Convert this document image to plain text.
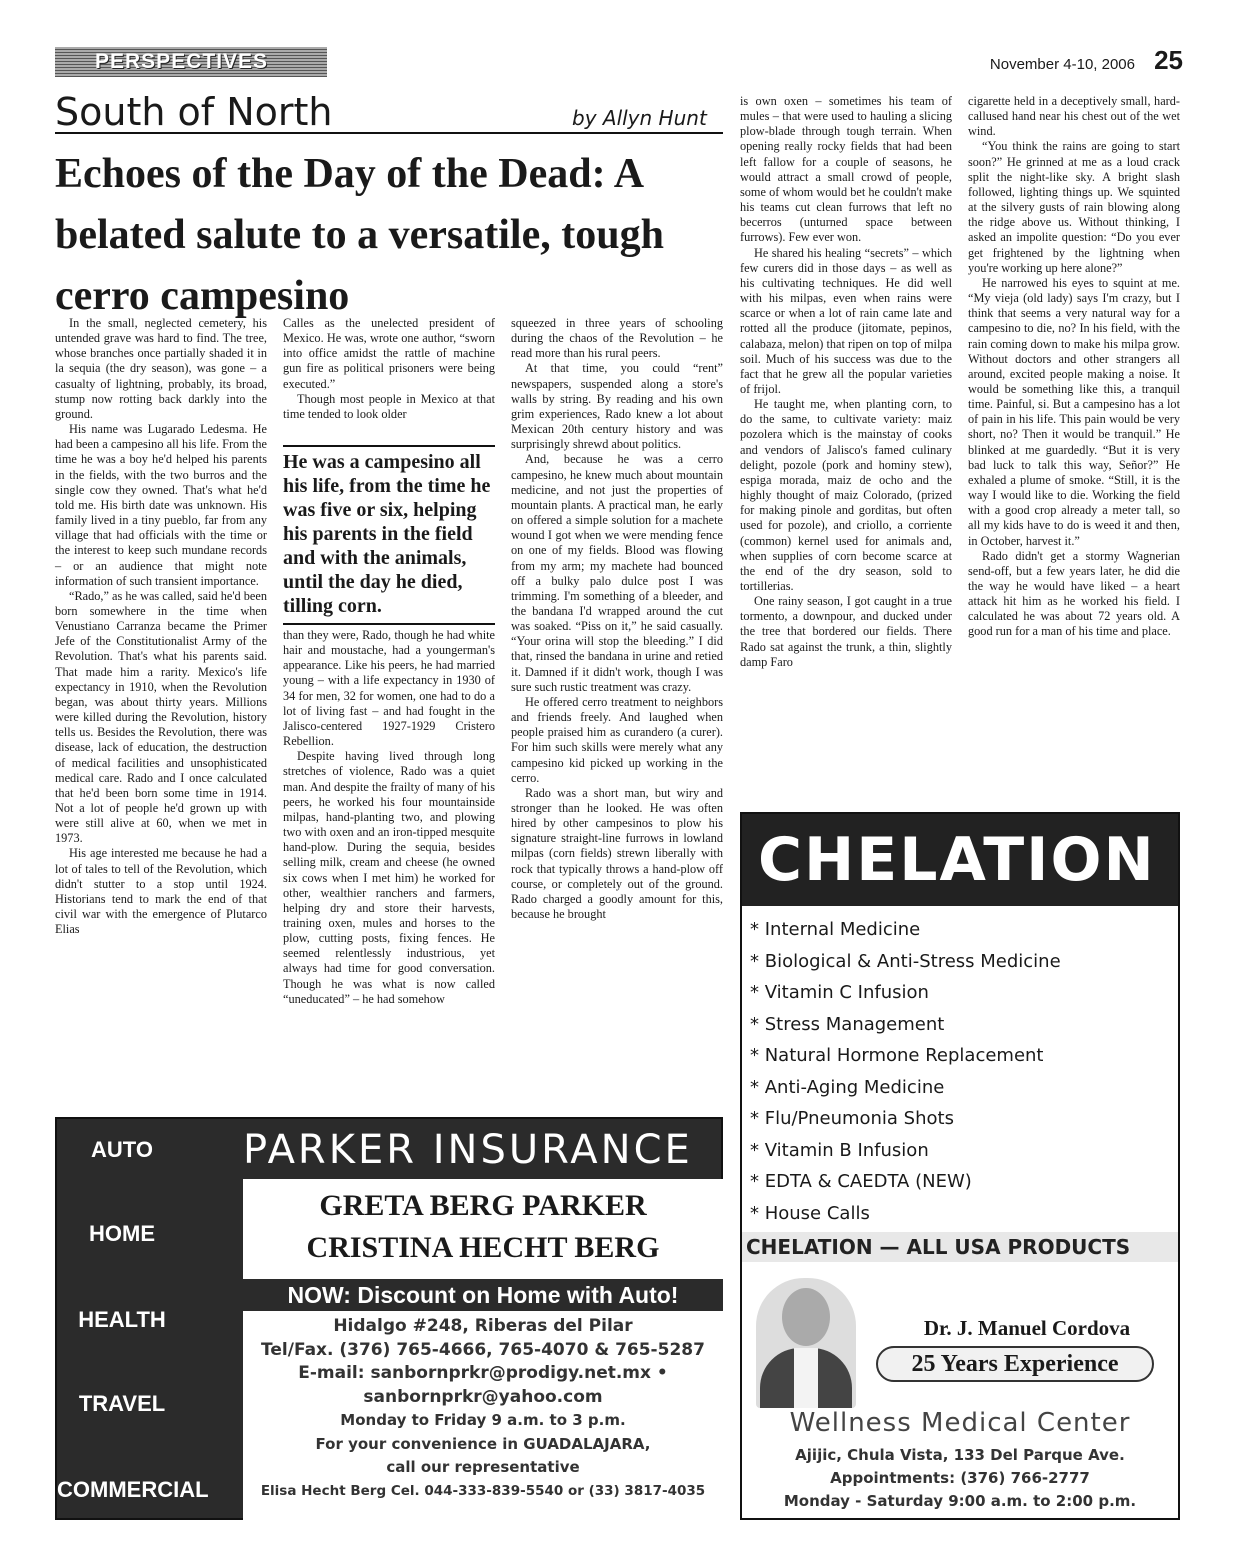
PERSPECTIVES	November 4-10, 2006 25
South of North	by Allyn Hunt
Echoes of the Day of the Dead: A belated salute to a versatile, tough cerro campesino

In the small, neglected cemetery, his untended grave was hard to find. The tree, whose branches once partially shaded it in la sequia (the dry season), was gone – a casualty of lightning, probably, its broad, stump now rotting back darkly into the ground.

His name was Lugarado Ledesma. He had been a campesino all his life. From the time he was a boy he'd helped his parents in the fields, with the two burros and the single cow they owned. That's what he'd told me. His birth date was unknown. His family lived in a tiny pueblo, far from any village that had officials with the time or the interest to keep such mundane records – or an audience that might note information of such transient importance.

“Rado,” as he was called, said he'd been born somewhere in the time when Venustiano Carranza became the Primer Jefe of the Constitutionalist Army of the Revolution. That's what his parents said. That made him a rarity. Mexico's life expectancy in 1910, when the Revolution began, was about thirty years. Millions were killed during the Revolution, history tells us. Besides the Revolution, there was disease, lack of education, the destruction of medical facilities and unsophisticated medical care. Rado and I once calculated that he'd been born some time in 1914. Not a lot of people he'd grown up with were still alive at 60, when we met in 1973.

His age interested me because he had a lot of tales to tell of the Revolution, which didn't stutter to a stop until 1924. Historians tend to mark the end of that civil war with the emergence of Plutarco Elias

Calles as the unelected president of Mexico. He was, wrote one author, “sworn into office amidst the rattle of machine gun fire as political prisoners were being executed.”

Though most people in Mexico at that time tended to look older

He was a campesino all his life, from the time he was five or six, helping his parents in the field and with the animals, until the day he died, tilling corn.

than they were, Rado, though he had white hair and moustache, had a youngerman's appearance. Like his peers, he had married young – with a life expectancy in 1930 of 34 for men, 32 for women, one had to do a lot of living fast – and had fought in the Jalisco-centered 1927-1929 Cristero Rebellion.

Despite having lived through long stretches of violence, Rado was a quiet man. And despite the frailty of many of his peers, he worked his four mountainside milpas, hand-planting two, and plowing two with oxen and an iron-tipped mesquite hand-plow. During the sequia, besides selling milk, cream and cheese (he owned six cows when I met him) he worked for other, wealthier ranchers and farmers, helping dry and store their harvests, training oxen, mules and horses to the plow, cutting posts, fixing fences. He seemed relentlessly industrious, yet always had time for good conversation. Though he was what is now called “uneducated” – he had somehow

squeezed in three years of schooling during the chaos of the Revolution – he read more than his rural peers.

At that time, you could “rent” newspapers, suspended along a store's walls by string. By reading and his own grim experiences, Rado knew a lot about Mexican 20th century history and was surprisingly shrewd about politics.

And, because he was a cerro campesino, he knew much about mountain medicine, and not just the properties of mountain plants. A practical man, he early on offered a simple solution for a machete wound I got when we were mending fence on one of my fields. Blood was flowing from my arm; my machete had bounced off a bulky palo dulce post I was trimming. I'm something of a bleeder, and the bandana I'd wrapped around the cut was soaked. “Piss on it,” he said casually. “Your orina will stop the bleeding.” I did that, rinsed the bandana in urine and retied it. Damned if it didn't work, though I was sure such rustic treatment was crazy.

He offered cerro treatment to neighbors and friends freely. And laughed when people praised him as curandero (a curer). For him such skills were merely what any campesino kid picked up working in the cerro.

Rado was a short man, but wiry and stronger than he looked. He was often hired by other campesinos to plow his signature straight-line furrows in lowland milpas (corn fields) strewn liberally with rock that typically throws a hand-plow off course, or completely out of the ground. Rado charged a goodly amount for this, because he brought

is own oxen – sometimes his team of mules – that were used to hauling a slicing plow-blade through tough terrain. When opening really rocky fields that had been left fallow for a couple of seasons, he would attract a small crowd of people, some of whom would bet he couldn't make his teams cut clean furrows that left no becerros (unturned space between furrows). Few ever won.

He shared his healing “secrets” – which few curers did in those days – as well as his cultivating techniques. He did well with his milpas, even when rains were scarce or when a lot of rain came late and rotted all the produce (jitomate, pepinos, calabaza, melon) that ripen on top of milpa soil. Much of his success was due to the fact that he grew all the popular varieties of frijol.

He taught me, when planting corn, to do the same, to cultivate variety: maiz pozolera which is the mainstay of cooks and vendors of Jalisco's famed culinary delight, pozole (pork and hominy stew), espiga morada, maiz de ocho and the highly thought of maiz Colorado, (prized for making pinole and gorditas, but often used for pozole), and criollo, a corriente (common) kernel used for animals and, when supplies of corn become scarce at the end of the dry season, sold to tortillerias.

One rainy season, I got caught in a true tormento, a downpour, and ducked under the tree that bordered our fields. There Rado sat against the trunk, a thin, slightly damp Faro

cigarette held in a deceptively small, hard-callused hand near his chest out of the wet wind.

“You think the rains are going to start soon?” He grinned at me as a loud crack split the night-like sky. A bright slash followed, lighting things up. We squinted at the silvery gusts of rain blowing along the ridge above us. Without thinking, I asked an impolite question: “Do you ever get frightened by the lightning when you're working up here alone?”

He narrowed his eyes to squint at me. “My vieja (old lady) says I'm crazy, but I think that seems a very natural way for a campesino to die, no? In his field, with the rain coming down to make his milpa grow. Without doctors and other strangers all around, excited people making a noise. It would be something like this, a tranquil time. Painful, si. But a campesino has a lot of pain in his life. This pain would be very short, no? Then it would be tranquil.” He blinked at me guardedly. “But it is very bad luck to talk this way, Señor?” He exhaled a plume of smoke. “Still, it is the way I would like to die. Working the field with a good crop already a meter tall, so all my kids have to do is weed it and then, in October, harvest it.”

Rado didn't get a stormy Wagnerian send-off, but a few years later, he did die the way he would have liked – a heart attack hit him as he worked his field. I calculated he was about 72 years old. A good run for a man of his time and place.

AUTO
HOME
HEALTH
TRAVEL
COMMERCIAL
PARKER INSURANCE
GRETA BERG PARKER
CRISTINA HECHT BERG
NOW: Discount on Home with Auto!
Hidalgo #248, Riberas del Pilar
Tel/Fax. (376) 765-4666, 765-4070 & 765-5287
E-mail: sanbornprkr@prodigy.net.mx •
sanbornprkr@yahoo.com
Monday to Friday 9 a.m. to 3 p.m.
For your convenience in GUADALAJARA,
call our representative
Elisa Hecht Berg Cel. 044-333-839-5540 or (33) 3817-4035
CHELATION
* Internal Medicine
* Biological & Anti-Stress Medicine
* Vitamin C Infusion
* Stress Management
* Natural Hormone Replacement
* Anti-Aging Medicine
* Flu/Pneumonia Shots
* Vitamin B Infusion
* EDTA & CAEDTA (NEW)
* House Calls
CHELATION — ALL USA PRODUCTS
Dr. J. Manuel Cordova
25 Years Experience
Wellness Medical Center
Ajijic, Chula Vista, 133 Del Parque Ave.
Appointments: (376) 766-2777
Monday - Saturday 9:00 a.m. to 2:00 p.m.
